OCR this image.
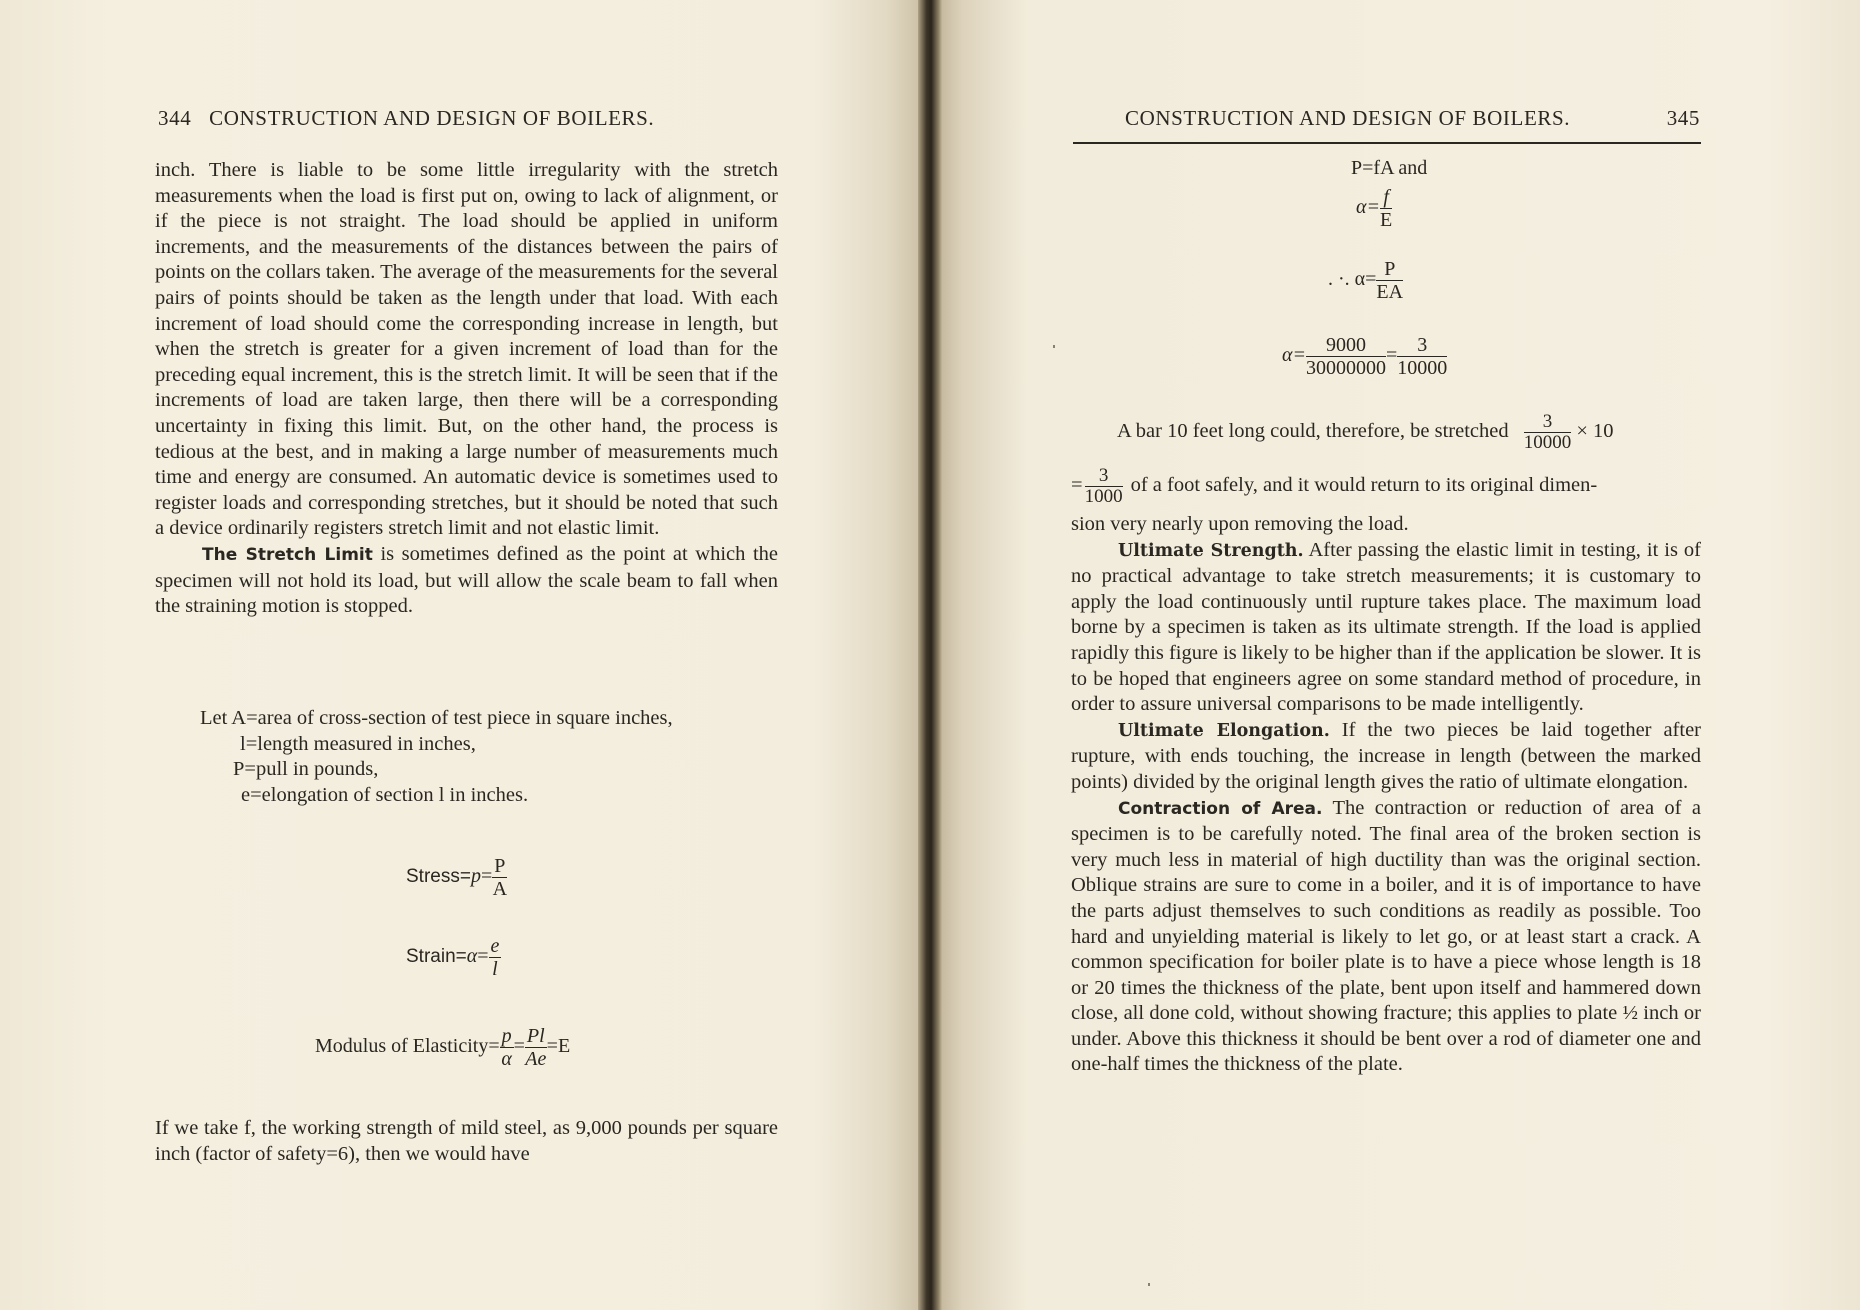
344 CONSTRUCTION AND DESIGN OF BOILERS.

inch. There is liable to be some little irregularity with the stretch measurements when the load is first put on, owing to lack of alignment, or if the piece is not straight. The load should be applied in uniform increments, and the measurements of the distances between the pairs of points on the collars taken. The average of the measurements for the several pairs of points should be taken as the length under that load. With each increment of load should come the corresponding increase in length, but when the stretch is greater for a given increment of load than for the preceding equal increment, this is the stretch limit. It will be seen that if the increments of load are taken large, then there will be a corresponding uncertainty in fixing this limit. But, on the other hand, the process is tedious at the best, and in making a large number of measurements much time and energy are consumed. An automatic device is sometimes used to register loads and corresponding stretches, but it should be noted that such a device ordinarily registers stretch limit and not elastic limit.

The Stretch Limit is sometimes defined as the point at which the specimen will not hold its load, but will allow the scale beam to fall when the straining motion is stopped.

Let A=area of cross-section of test piece in square inches,
l=length measured in inches,
P=pull in pounds,
e=elongation of section l in inches.
Stress=p= $\frac{P}{A}$
Strain=α= $\frac{e}{l}$
Modulus of Elasticity= $\frac{p}{\alpha} = \frac{Pl}{Ae} =E$

If we take f, the working strength of mild steel, as 9,000 pounds per square inch (factor of safety=6), then we would have

CONSTRUCTION AND DESIGN OF BOILERS.	345
P=fA and
$\alpha= \frac{f}{E}$
. ·. $\alpha= \frac{P}{EA}$
$\alpha= \frac{9000}{30000000} = \frac{3}{10000}$
A bar 10 feet long could, therefore, be stretched $\frac{3}{10000} \times 10$
= $\frac{3}{1000}$ of a foot safely, and it would return to its original dimen-

sion very nearly upon removing the load.

Ultimate Strength. After passing the elastic limit in testing, it is of no practical advantage to take stretch measurements; it is customary to apply the load continuously until rupture takes place. The maximum load borne by a specimen is taken as its ultimate strength. If the load is applied rapidly this figure is likely to be higher than if the application be slower. It is to be hoped that engineers agree on some standard method of procedure, in order to assure universal comparisons to be made intelligently.

Ultimate Elongation. If the two pieces be laid together after rupture, with ends touching, the increase in length (between the marked points) divided by the original length gives the ratio of ultimate elongation.

Contraction of Area. The contraction or reduction of area of a specimen is to be carefully noted. The final area of the broken section is very much less in material of high ductility than was the original section. Oblique strains are sure to come in a boiler, and it is of importance to have the parts adjust themselves to such conditions as readily as possible. Too hard and unyielding material is likely to let go, or at least start a crack. A common specification for boiler plate is to have a piece whose length is 18 or 20 times the thickness of the plate, bent upon itself and hammered down close, all done cold, without showing fracture; this applies to plate ½ inch or under. Above this thickness it should be bent over a rod of diameter one and one-half times the thickness of the plate.
